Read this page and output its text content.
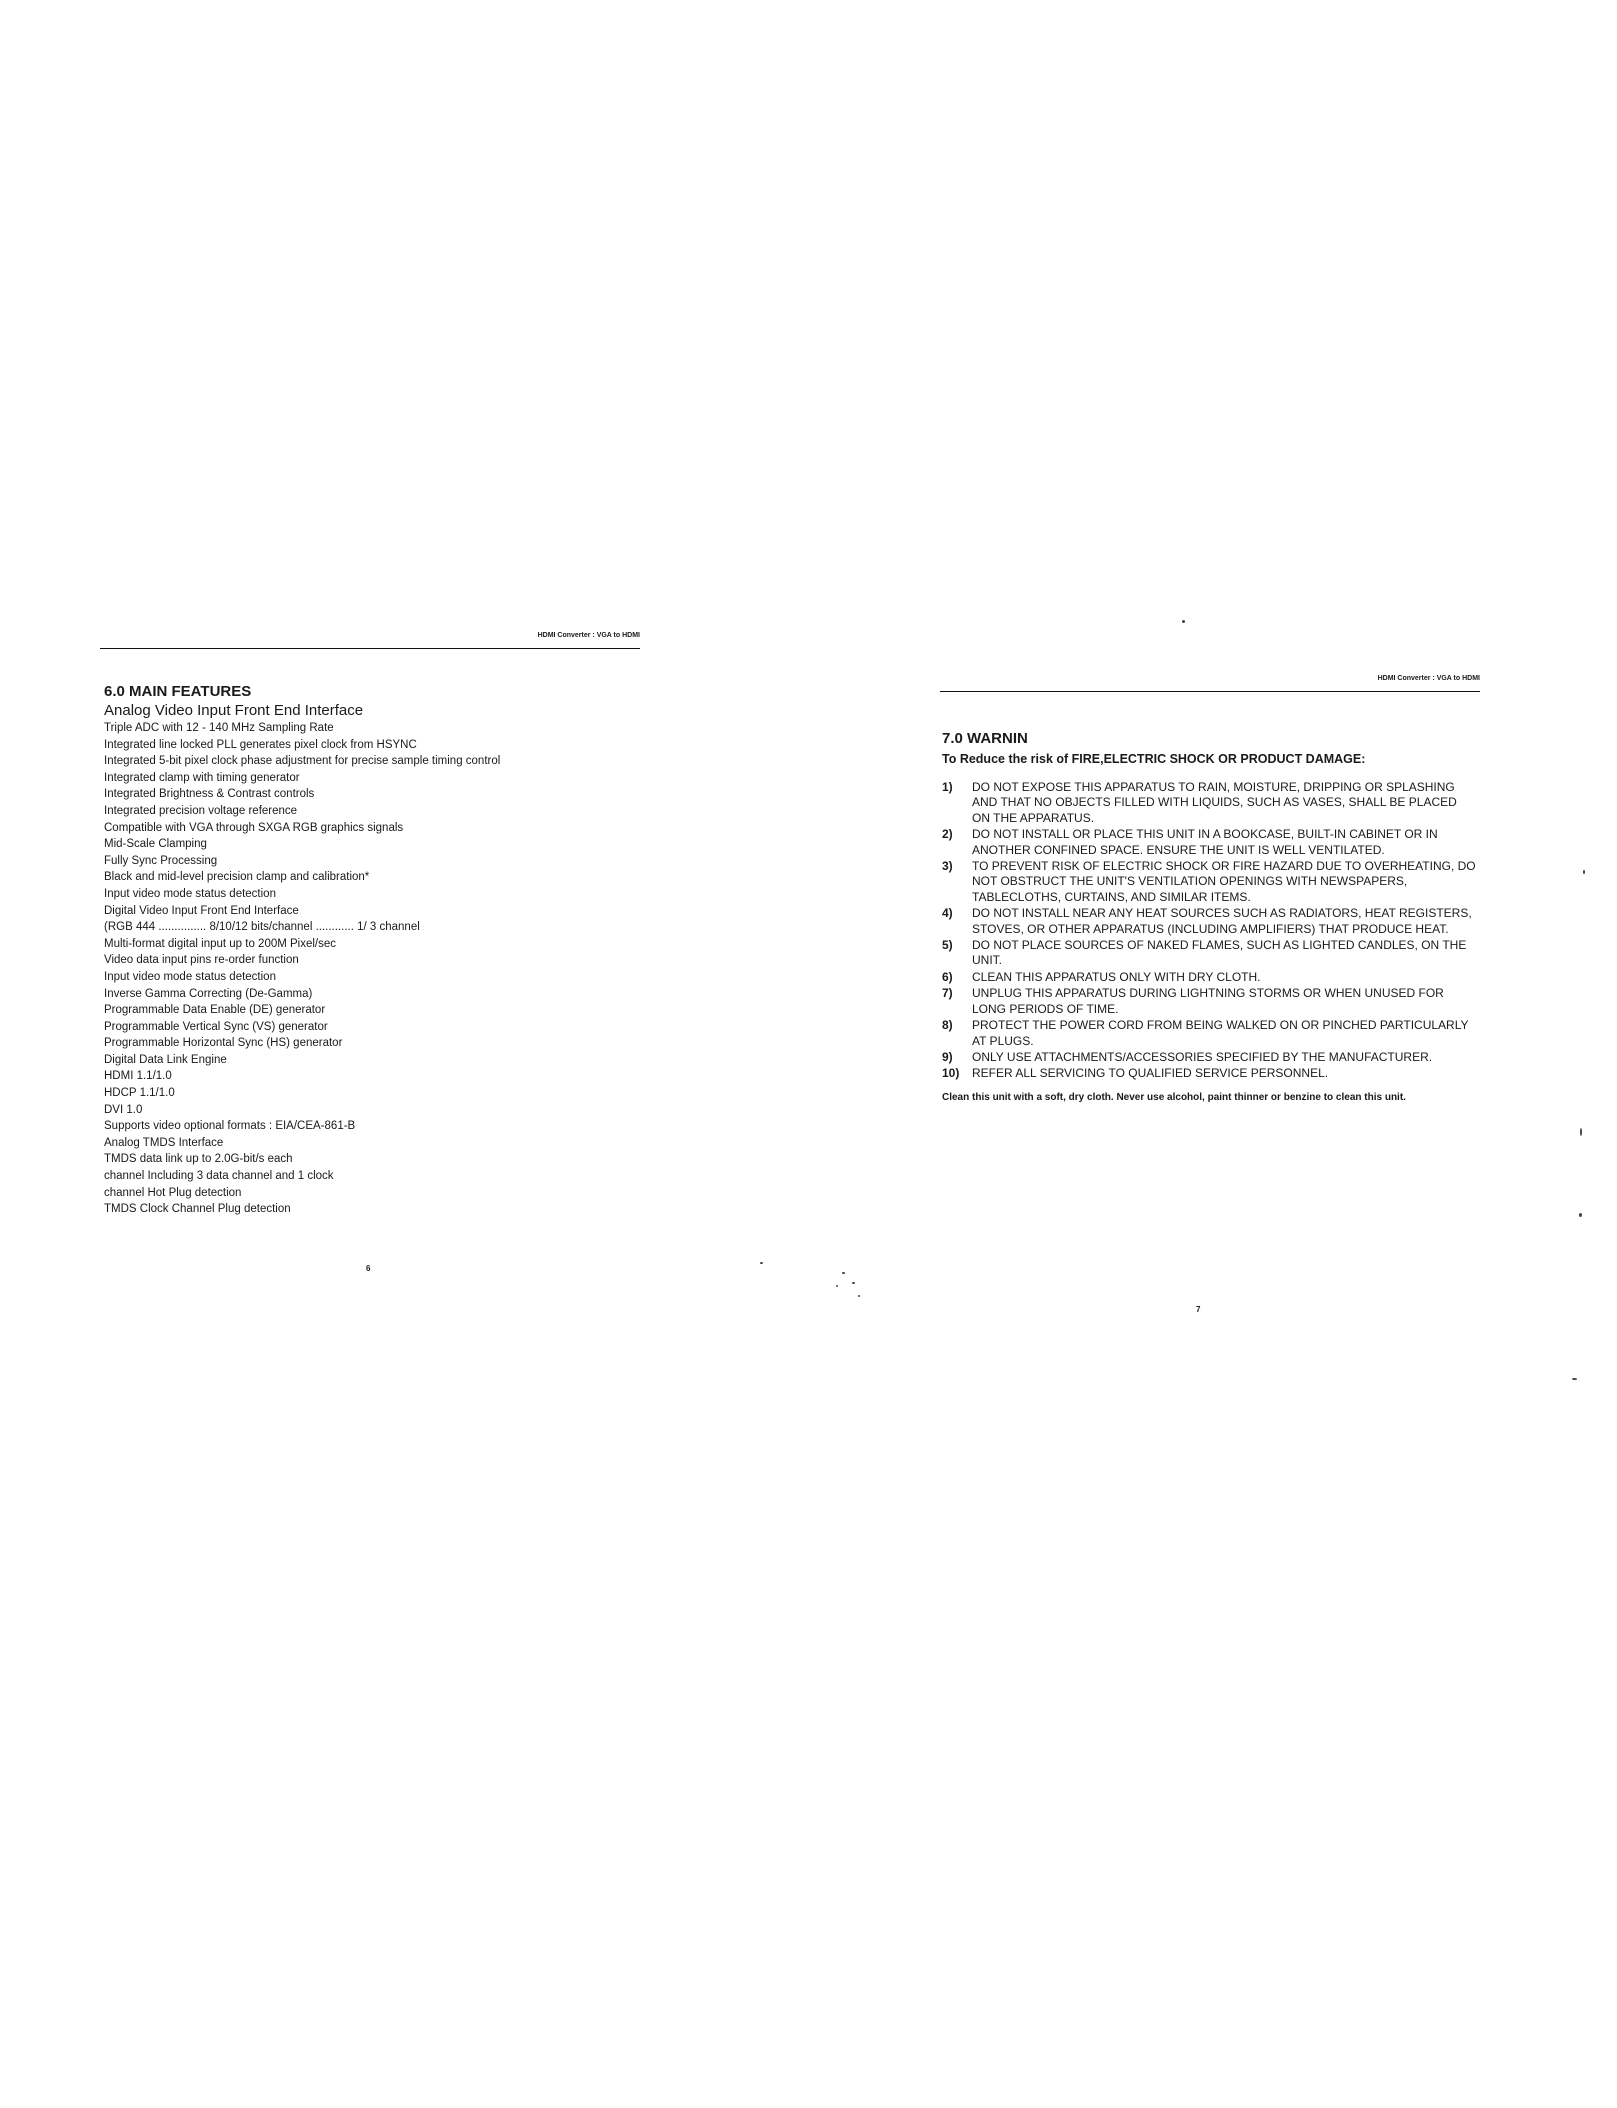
HDMI Converter : VGA to HDMI
6.0 MAIN FEATURES
Analog Video Input Front End Interface
Triple ADC with 12 - 140 MHz Sampling Rate
Integrated line locked PLL generates pixel clock from HSYNC
Integrated 5-bit pixel clock phase adjustment for precise sample timing control
Integrated clamp with timing generator
Integrated Brightness & Contrast controls
Integrated precision voltage reference
Compatible with VGA through SXGA RGB graphics signals
Mid-Scale Clamping
Fully Sync Processing
Black and mid-level precision clamp and calibration*
Input video mode status detection
Digital Video Input Front End Interface
(RGB 444 ............... 8/10/12 bits/channel ............ 1/ 3 channel
Multi-format digital input up to 200M Pixel/sec
Video data input pins re-order function
Input video mode status detection
Inverse Gamma Correcting (De-Gamma)
Programmable Data Enable (DE) generator
Programmable Vertical Sync (VS) generator
Programmable Horizontal Sync (HS) generator
Digital Data Link Engine
HDMI 1.1/1.0
HDCP 1.1/1.0
DVI 1.0
Supports video optional formats : EIA/CEA-861-B
Analog TMDS Interface
TMDS data link up to 2.0G-bit/s each
channel Including 3 data channel and 1 clock
channel Hot Plug detection
TMDS Clock Channel Plug detection
6
HDMI Converter : VGA to HDMI
7.0 WARNIN
To Reduce the risk of FIRE,ELECTRIC SHOCK OR PRODUCT DAMAGE:
1) DO NOT EXPOSE THIS APPARATUS TO RAIN, MOISTURE, DRIPPING OR SPLASHING AND THAT NO OBJECTS FILLED WITH LIQUIDS, SUCH AS VASES, SHALL BE PLACED ON THE APPARATUS.
2) DO NOT INSTALL OR PLACE THIS UNIT IN A BOOKCASE, BUILT-IN CABINET OR IN ANOTHER CONFINED SPACE. ENSURE THE UNIT IS WELL VENTILATED.
3) TO PREVENT RISK OF ELECTRIC SHOCK OR FIRE HAZARD DUE TO OVERHEATING, DO NOT OBSTRUCT THE UNIT'S VENTILATION OPENINGS WITH NEWSPAPERS, TABLECLOTHS, CURTAINS, AND SIMILAR ITEMS.
4) DO NOT INSTALL NEAR ANY HEAT SOURCES SUCH AS RADIATORS, HEAT REGISTERS, STOVES, OR OTHER APPARATUS (INCLUDING AMPLIFIERS) THAT PRODUCE HEAT.
5) DO NOT PLACE SOURCES OF NAKED FLAMES, SUCH AS LIGHTED CANDLES, ON THE UNIT.
6) CLEAN THIS APPARATUS ONLY WITH DRY CLOTH.
7) UNPLUG THIS APPARATUS DURING LIGHTNING STORMS OR WHEN UNUSED FOR LONG PERIODS OF TIME.
8) PROTECT THE POWER CORD FROM BEING WALKED ON OR PINCHED PARTICULARLY AT PLUGS.
9) ONLY USE ATTACHMENTS/ACCESSORIES SPECIFIED BY THE MANUFACTURER.
10) REFER ALL SERVICING TO QUALIFIED SERVICE PERSONNEL.

Clean this unit with a soft, dry cloth. Never use alcohol, paint thinner or benzine to clean this unit.

7
